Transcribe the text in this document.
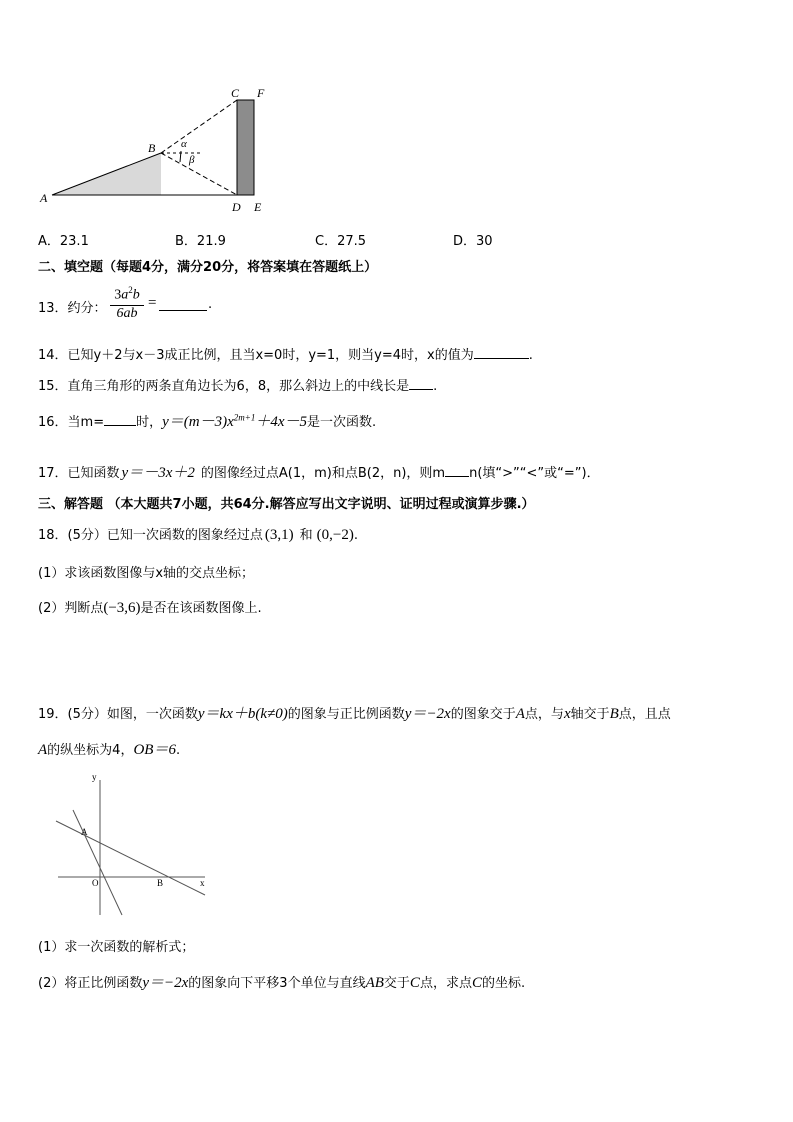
A
B
C F
D E
α
β
A．23.1	B．21.9	C．27.5	D．30
二、填空题（每题4分，满分20分，将答案填在答题纸上）
13．约分： $\frac{3a^2b}{6ab}$ =	.
14．已知y＋2与x－3成正比例，且当x=0时，y=1，则当y=4时，x的值为	.
15．直角三角形的两条直角边长为6，8，那么斜边上的中线长是 .
16．当m= 时，$y=(m-3)x^{2m+1}+4x-5$是一次函数.
17．已知函数 y＝－3x＋2 的图像经过点A(1，m)和点B(2，n)，则m n(填“>”“<”或“=”)．
三、解答题 （本大题共7小题，共64分.解答应写出文字说明、证明过程或演算步骤.）
18．(5分）已知一次函数的图象经过点 (3,1) 和 (0,−2).
(1）求该函数图像与x轴的交点坐标；
(2）判断点(−3,6)是否在该函数图像上.
19．(5分）如图，一次函数y＝kx＋b(k≠0)的图象与正比例函数y＝−2x的图象交于A点，与x轴交于B点，且点
A的纵坐标为4，OB＝6.
y
x
O
A
B
(1）求一次函数的解析式；
(2）将正比例函数y＝−2x的图象向下平移3个单位与直线AB交于C点，求点C的坐标.
